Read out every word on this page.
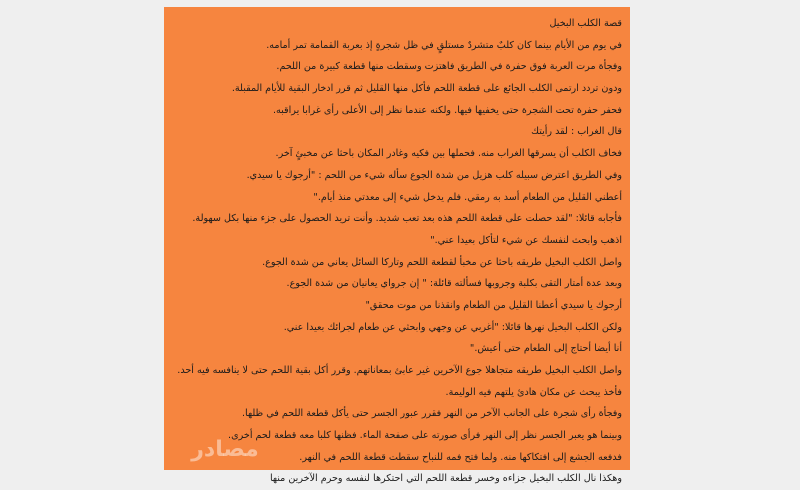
قصة الكلب البخيل
في يوم من الأيام بينما كان كلبٌ متشردٌ مستلقٍ في ظل شجرةٍ إذ بعربة القمامة تمر أمامه.
وفجأة مرت العربة فوق حفرة في الطريق فاهتزت وسقطت منها قطعة كبيرة من اللحم.
ودون تردد ارتمى الكلب الجائع على قطعة اللحم فأكل منها القليل ثم قرر ادخار البقية للأيام المقبلة.
فحفر حفرة تحت الشجرة حتى يخفيها فيها. ولكنه عندما نظر إلى الأعلى رأى غرابا يراقبه.
قال الغراب : لقد رأيتك
فخاف الكلب أن يسرقها الغراب منه. فحملها بين فكيه وغادر المكان باحثا عن مخبئٍ آخر.
وفي الطريق اعترض سبيله كلب هزيل من شدة الجوع سأله شيء من اللحم : "أرجوك يا سيدي.
أعطني القليل من الطعام أسد به رمقي. فلم يدخل شيء إلى معدتي منذ أيام."
فأجابه قائلا: "لقد حصلت على قطعة اللحم هذه بعد تعب شديد. وأنت تريد الحصول على جزء منها بكل سهولة.
اذهب وابحث لنفسك عن شيء لتأكل بعيدا عني."
واصل الكلب البخيل طريقه باحثا عن مخبأ لقطعة اللحم وتاركا السائل يعاني من شدة الجوع.
وبعد عدة أمتار التقى بكلبة وجروبها فسألته قائلة: " إن جرواي يعانيان من شدة الجوع.
أرجوك يا سيدي أعطنا القليل من الطعام وانقذنا من موت محقق"
ولكن الكلب البخيل نهرها قائلا: "أغربي عن وجهي وابحثي عن طعام لجرائك بعيدا عني.
أنا أيضا أحتاج إلى الطعام حتى أعيش."
واصل الكلب البخيل طريقه متجاهلا جوع الآخرين غير عابئ بمعاناتهم. وقرر أكل بقية اللحم حتى لا ينافسه فيه أحد.
فأخذ يبحث عن مكان هادئ يلتهم فيه الوليمة.
وفجأة رأى شجرة على الجانب الآخر من النهر فقرر عبور الجسر حتى يأكل قطعة اللحم في ظلها.
وبينما هو يعبر الجسر نظر إلى النهر فرأى صورته على صفحة الماء. فظنها كلبا معه قطعة لحم أخرى.
فدفعه الجشع إلى افتكاكها منه. ولما فتح فمه للنباح سقطت قطعة اللحم في النهر.
وهكذا نال الكلب البخيل جزاءه وخسر قطعة اللحم التي احتكرها لنفسه وحرم الآخرين منها
مصادر
